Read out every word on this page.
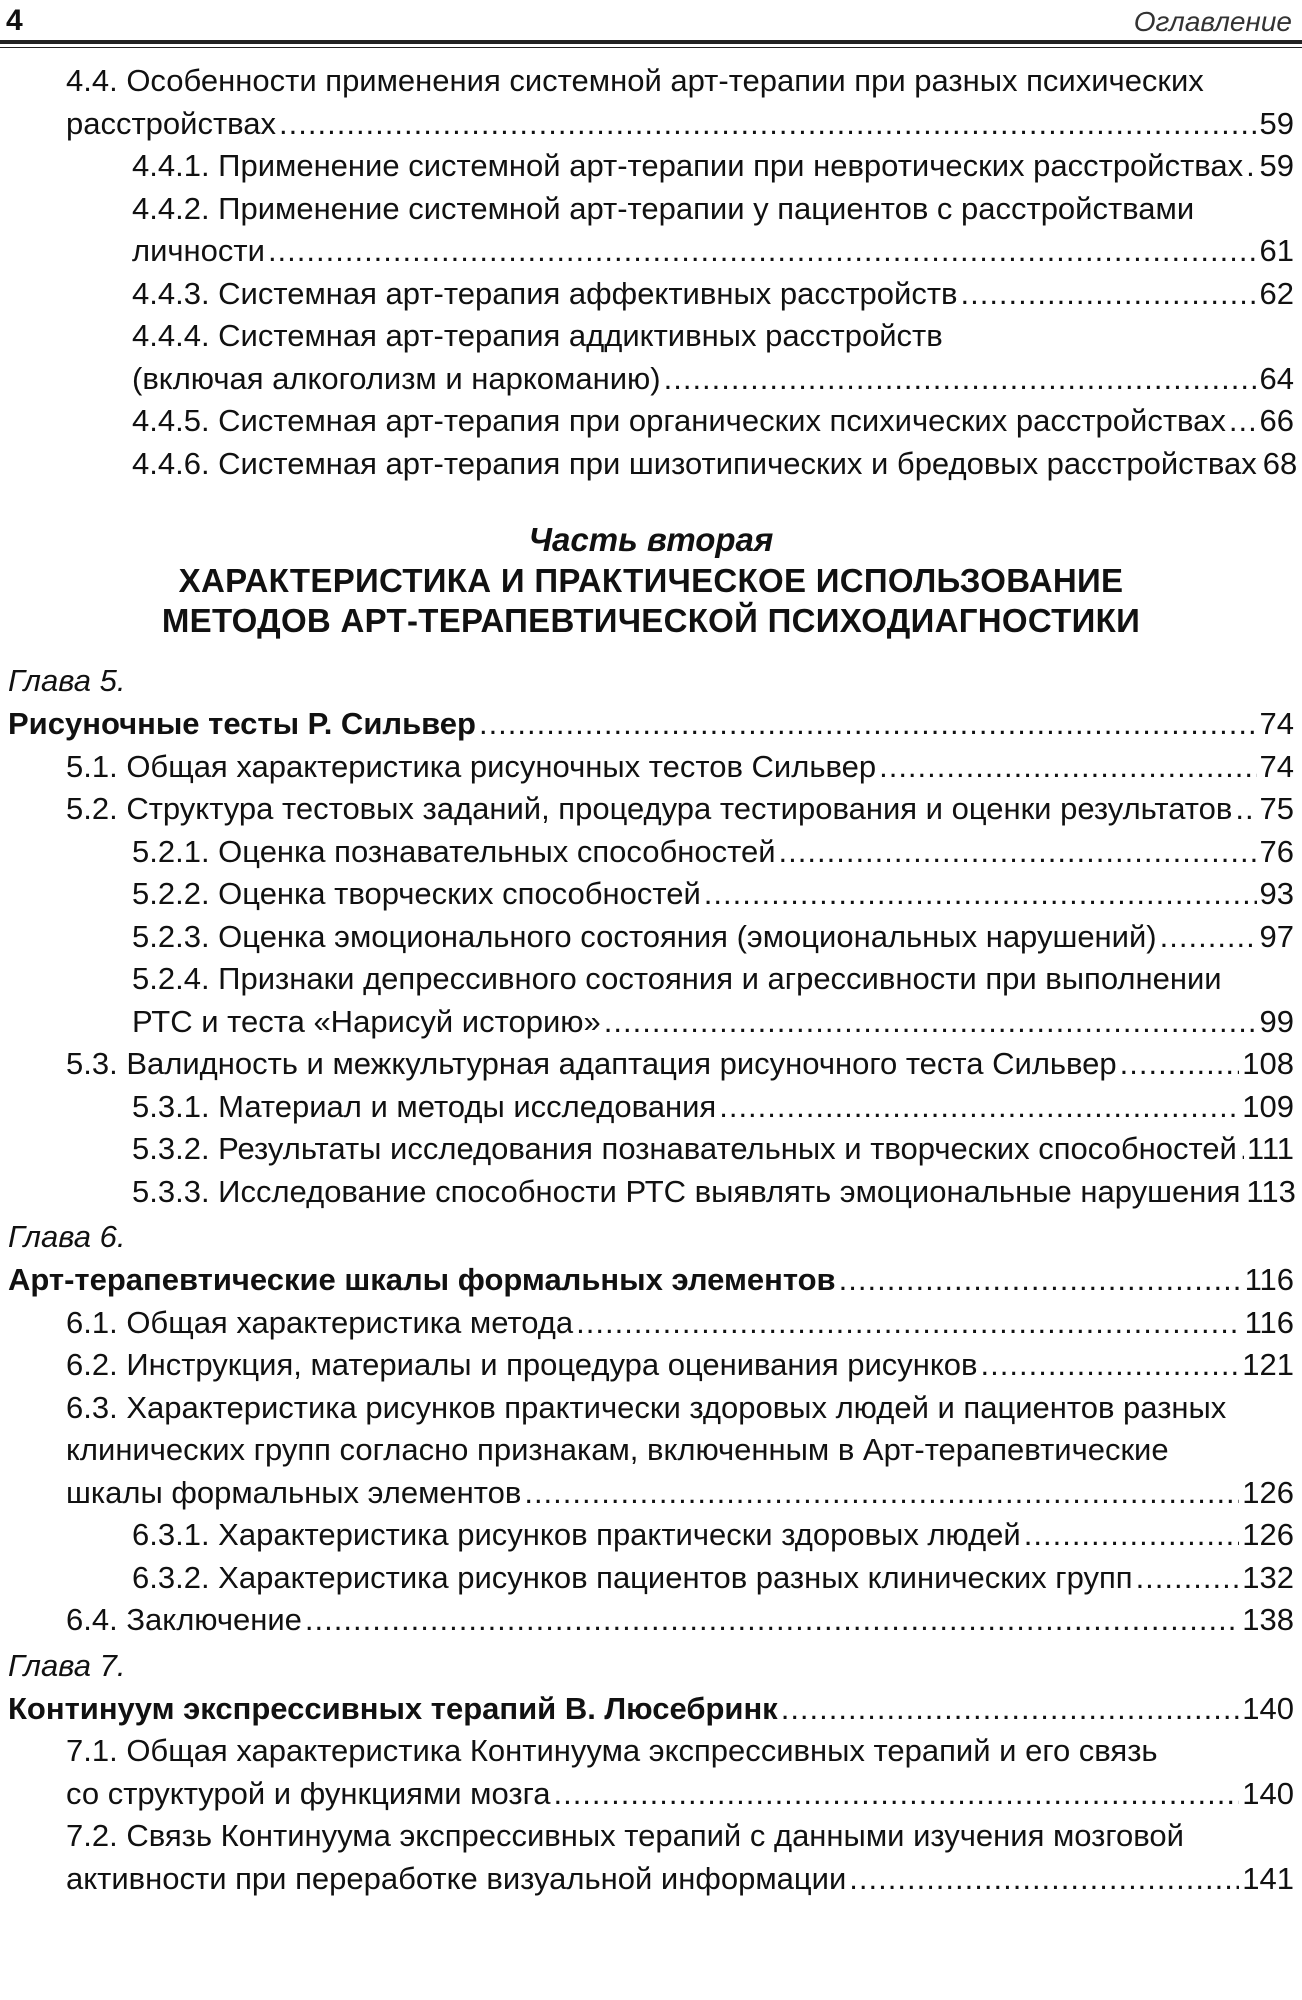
4	Оглавление
4.4. Особенности применения системной арт-терапии при разных психических
расстройствах .....	59
4.4.1. Применение системной арт-терапии при невротических расстройствах ..... 59
4.4.2. Применение системной арт-терапии у пациентов с расстройствами
личности .....	61
4.4.3. Системная арт-терапия аффективных расстройств .....	62
4.4.4. Системная арт-терапия аддиктивных расстройств
(включая алкоголизм и наркоманию) .....	64
4.4.5. Системная арт-терапия при органических психических расстройствах ..... 66
4.4.6. Системная арт-терапия при шизотипических и бредовых расстройствах 68
Часть вторая
ХАРАКТЕРИСТИКА И ПРАКТИЧЕСКОЕ ИСПОЛЬЗОВАНИЕ
МЕТОДОВ АРТ-ТЕРАПЕВТИЧЕСКОЙ ПСИХОДИАГНОСТИКИ
Глава 5.
Рисуночные тесты Р. Сильвер .....	74
5.1. Общая характеристика рисуночных тестов Сильвер .....	74
5.2. Структура тестовых заданий, процедура тестирования и оценки результатов ..... 75
5.2.1. Оценка познавательных способностей .....	76
5.2.2. Оценка творческих способностей .....	93
5.2.3. Оценка эмоционального состояния (эмоциональных нарушений) .....	97
5.2.4. Признаки депрессивного состояния и агрессивности при выполнении
РТС и теста «Нарисуй историю» .....	99
5.3. Валидность и межкультурная адаптация рисуночного теста Сильвер .....	108
5.3.1. Материал и методы исследования .....	109
5.3.2. Результаты исследования познавательных и творческих способностей ..... 111
5.3.3. Исследование способности РТС выявлять эмоциональные нарушения 113
Глава 6.
Арт-терапевтические шкалы формальных элементов .....	116
6.1. Общая характеристика метода .....	116
6.2. Инструкция, материалы и процедура оценивания рисунков .....	121
6.3. Характеристика рисунков практически здоровых людей и пациентов разных
клинических групп согласно признакам, включенным в Арт-терапевтические
шкалы формальных элементов .....	126
6.3.1. Характеристика рисунков практически здоровых людей .....	126
6.3.2. Характеристика рисунков пациентов разных клинических групп .....	132
6.4. Заключение .....	138
Глава 7.
Континуум экспрессивных терапий В. Люсебринк .....	140
7.1. Общая характеристика Континуума экспрессивных терапий и его связь
со структурой и функциями мозга .....	140
7.2. Связь Континуума экспрессивных терапий с данными изучения мозговой
активности при переработке визуальной информации .....	141
